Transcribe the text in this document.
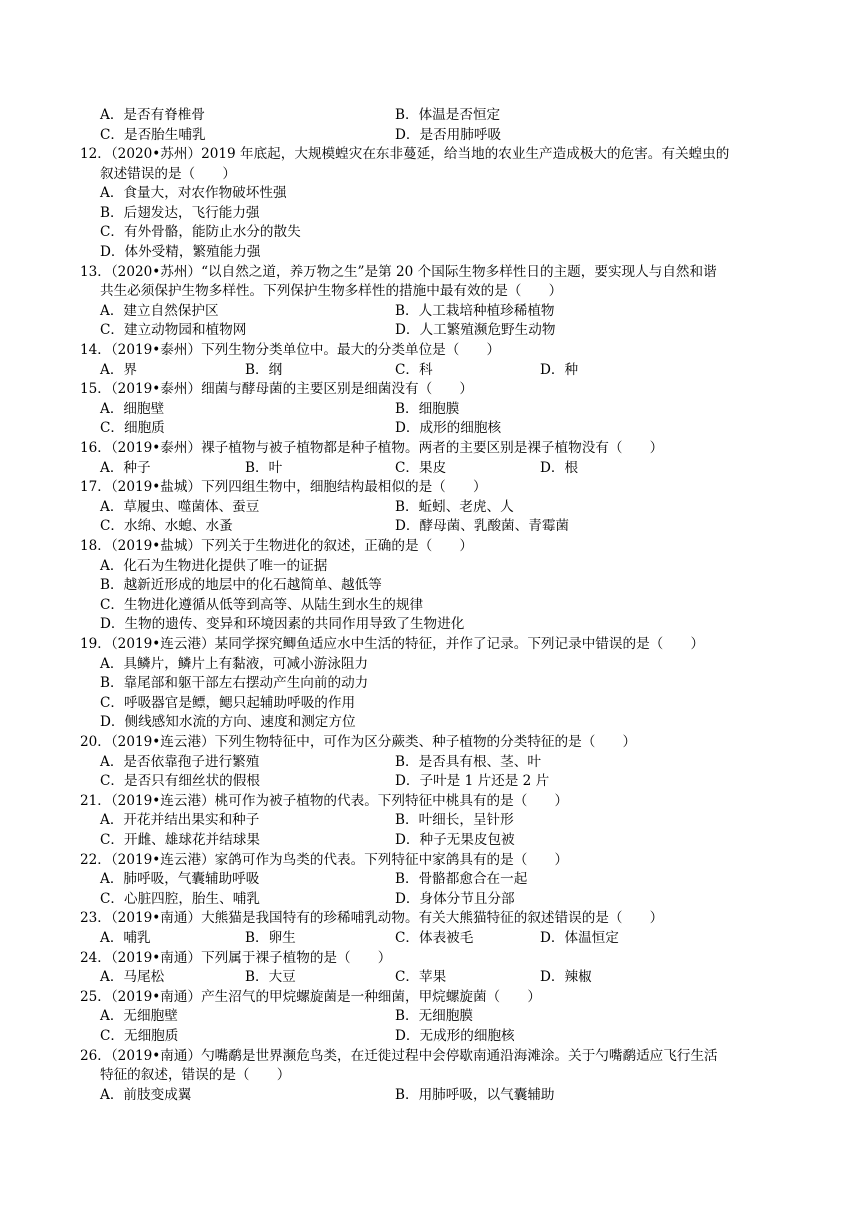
A．是否有脊椎骨	B．体温是否恒定
C．是否胎生哺乳	D．是否用肺呼吸
12．（2020•苏州）2019 年底起，大规模蝗灾在东非蔓延，给当地的农业生产造成极大的危害。有关蝗虫的
叙述错误的是（　　）
A．食量大，对农作物破坏性强
B．后翅发达，飞行能力强
C．有外骨骼，能防止水分的散失
D．体外受精，繁殖能力强
13．（2020•苏州）“以自然之道，养万物之生”是第 20 个国际生物多样性日的主题，要实现人与自然和谐
共生必须保护生物多样性。下列保护生物多样性的措施中最有效的是（　　）
A．建立自然保护区	B．人工栽培种植珍稀植物
C．建立动物园和植物网	D．人工繁殖濒危野生动物
14．（2019•泰州）下列生物分类单位中。最大的分类单位是（　　）
A．界	B．纲	C．科	D．种
15．（2019•泰州）细菌与酵母菌的主要区别是细菌没有（　　）
A．细胞壁	B．细胞膜
C．细胞质	D．成形的细胞核
16．（2019•泰州）裸子植物与被子植物都是种子植物。两者的主要区别是裸子植物没有（　　）
A．种子	B．叶	C．果皮	D．根
17．（2019•盐城）下列四组生物中，细胞结构最相似的是（　　）
A．草履虫、噬菌体、蚕豆	B．蚯蚓、老虎、人
C．水绵、水螅、水蚤	D．酵母菌、乳酸菌、青霉菌
18．（2019•盐城）下列关于生物进化的叙述，正确的是（　　）
A．化石为生物进化提供了唯一的证据
B．越新近形成的地层中的化石越简单、越低等
C．生物进化遵循从低等到高等、从陆生到水生的规律
D．生物的遗传、变异和环境因素的共同作用导致了生物进化
19．（2019•连云港）某同学探究鲫鱼适应水中生活的特征，并作了记录。下列记录中错误的是（　　）
A．具鳞片，鳞片上有黏液，可减小游泳阻力
B．靠尾部和躯干部左右摆动产生向前的动力
C．呼吸器官是鳔，鳃只起辅助呼吸的作用
D．侧线感知水流的方向、速度和测定方位
20．（2019•连云港）下列生物特征中，可作为区分蕨类、种子植物的分类特征的是（　　）
A．是否依靠孢子进行繁殖	B．是否具有根、茎、叶
C．是否只有细丝状的假根	D．子叶是 1 片还是 2 片
21．（2019•连云港）桃可作为被子植物的代表。下列特征中桃具有的是（　　）
A．开花并结出果实和种子	B．叶细长，呈针形
C．开雌、雄球花并结球果	D．种子无果皮包被
22．（2019•连云港）家鸽可作为鸟类的代表。下列特征中家鸽具有的是（　　）
A．肺呼吸，气囊辅助呼吸	B．骨骼都愈合在一起
C．心脏四腔，胎生、哺乳	D．身体分节且分部
23．（2019•南通）大熊猫是我国特有的珍稀哺乳动物。有关大熊猫特征的叙述错误的是（　　）
A．哺乳	B．卵生	C．体表被毛	D．体温恒定
24．（2019•南通）下列属于裸子植物的是（　　）
A．马尾松	B．大豆	C．苹果	D．辣椒
25．（2019•南通）产生沼气的甲烷螺旋菌是一种细菌，甲烷螺旋菌（　　）
A．无细胞壁	B．无细胞膜
C．无细胞质	D．无成形的细胞核
26．（2019•南通）勺嘴鹬是世界濒危鸟类，在迁徙过程中会停歇南通沿海滩涂。关于勺嘴鹬适应飞行生活
特征的叙述，错误的是（　　）
A．前肢变成翼	B．用肺呼吸，以气囊辅助
